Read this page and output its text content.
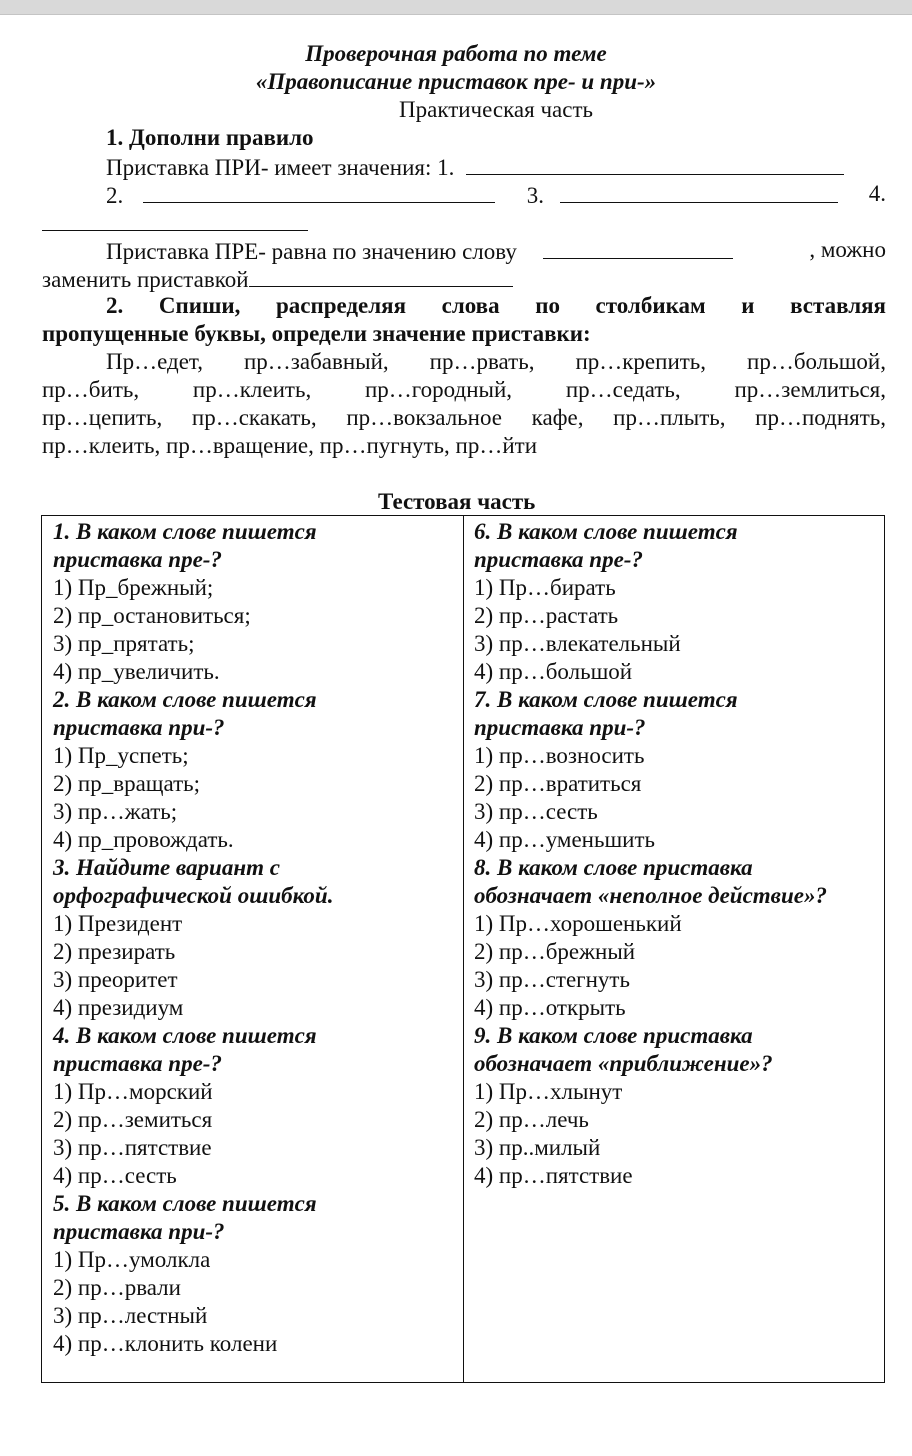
Проверочная работа по теме
«Правописание приставок пре- и при-»
Практическая часть
1. Дополни правило
Приставка ПРИ- имеет значения: 1.
2.	3.	4.
Приставка ПРЕ- равна по значению слову	, можно
заменить приставкой
2. Спиши, распределяя слова по столбикам и вставляя
пропущенные буквы, определи значение приставки:
Пр…едет, пр…забавный, пр…рвать, пр…крепить, пр…большой,
пр…бить, пр…клеить, пр…городный, пр…седать, пр…землиться,
пр…цепить, пр…скакать, пр…вокзальное кафе, пр…плыть, пр…поднять,
пр…клеить, пр…вращение, пр…пугнуть, пр…йти
Тестовая часть
1. В каком слове пишется
приставка пре-?
1) Пр_брежный;
2) пр_остановиться;
3) пр_прятать;
4) пр_увеличить.
2. В каком слове пишется
приставка при-?
1) Пр_успеть;
2) пр_вращать;
3) пр…жать;
4) пр_провождать.
3. Найдите вариант с
орфографической ошибкой.
1) Президент
2) презирать
3) преоритет
4) президиум
4. В каком слове пишется
приставка пре-?
1) Пр…морский
2) пр…земиться
3) пр…пятствие
4) пр…сесть
5. В каком слове пишется
приставка при-?
1) Пр…умолкла
2) пр…рвали
3) пр…лестный
4) пр…клонить колени
6. В каком слове пишется
приставка пре-?
1) Пр…бирать
2) пр…растать
3) пр…влекательный
4) пр…большой
7. В каком слове пишется
приставка при-?
1) пр…возносить
2) пр…вратиться
3) пр…сесть
4) пр…уменьшить
8. В каком слове приставка
обозначает «неполное действие»?
1) Пр…хорошенький
2) пр…брежный
3) пр…стегнуть
4) пр…открыть
9. В каком слове приставка
обозначает «приближение»?
1) Пр…хлынут
2) пр…лечь
3) пр..милый
4) пр…пятствие
